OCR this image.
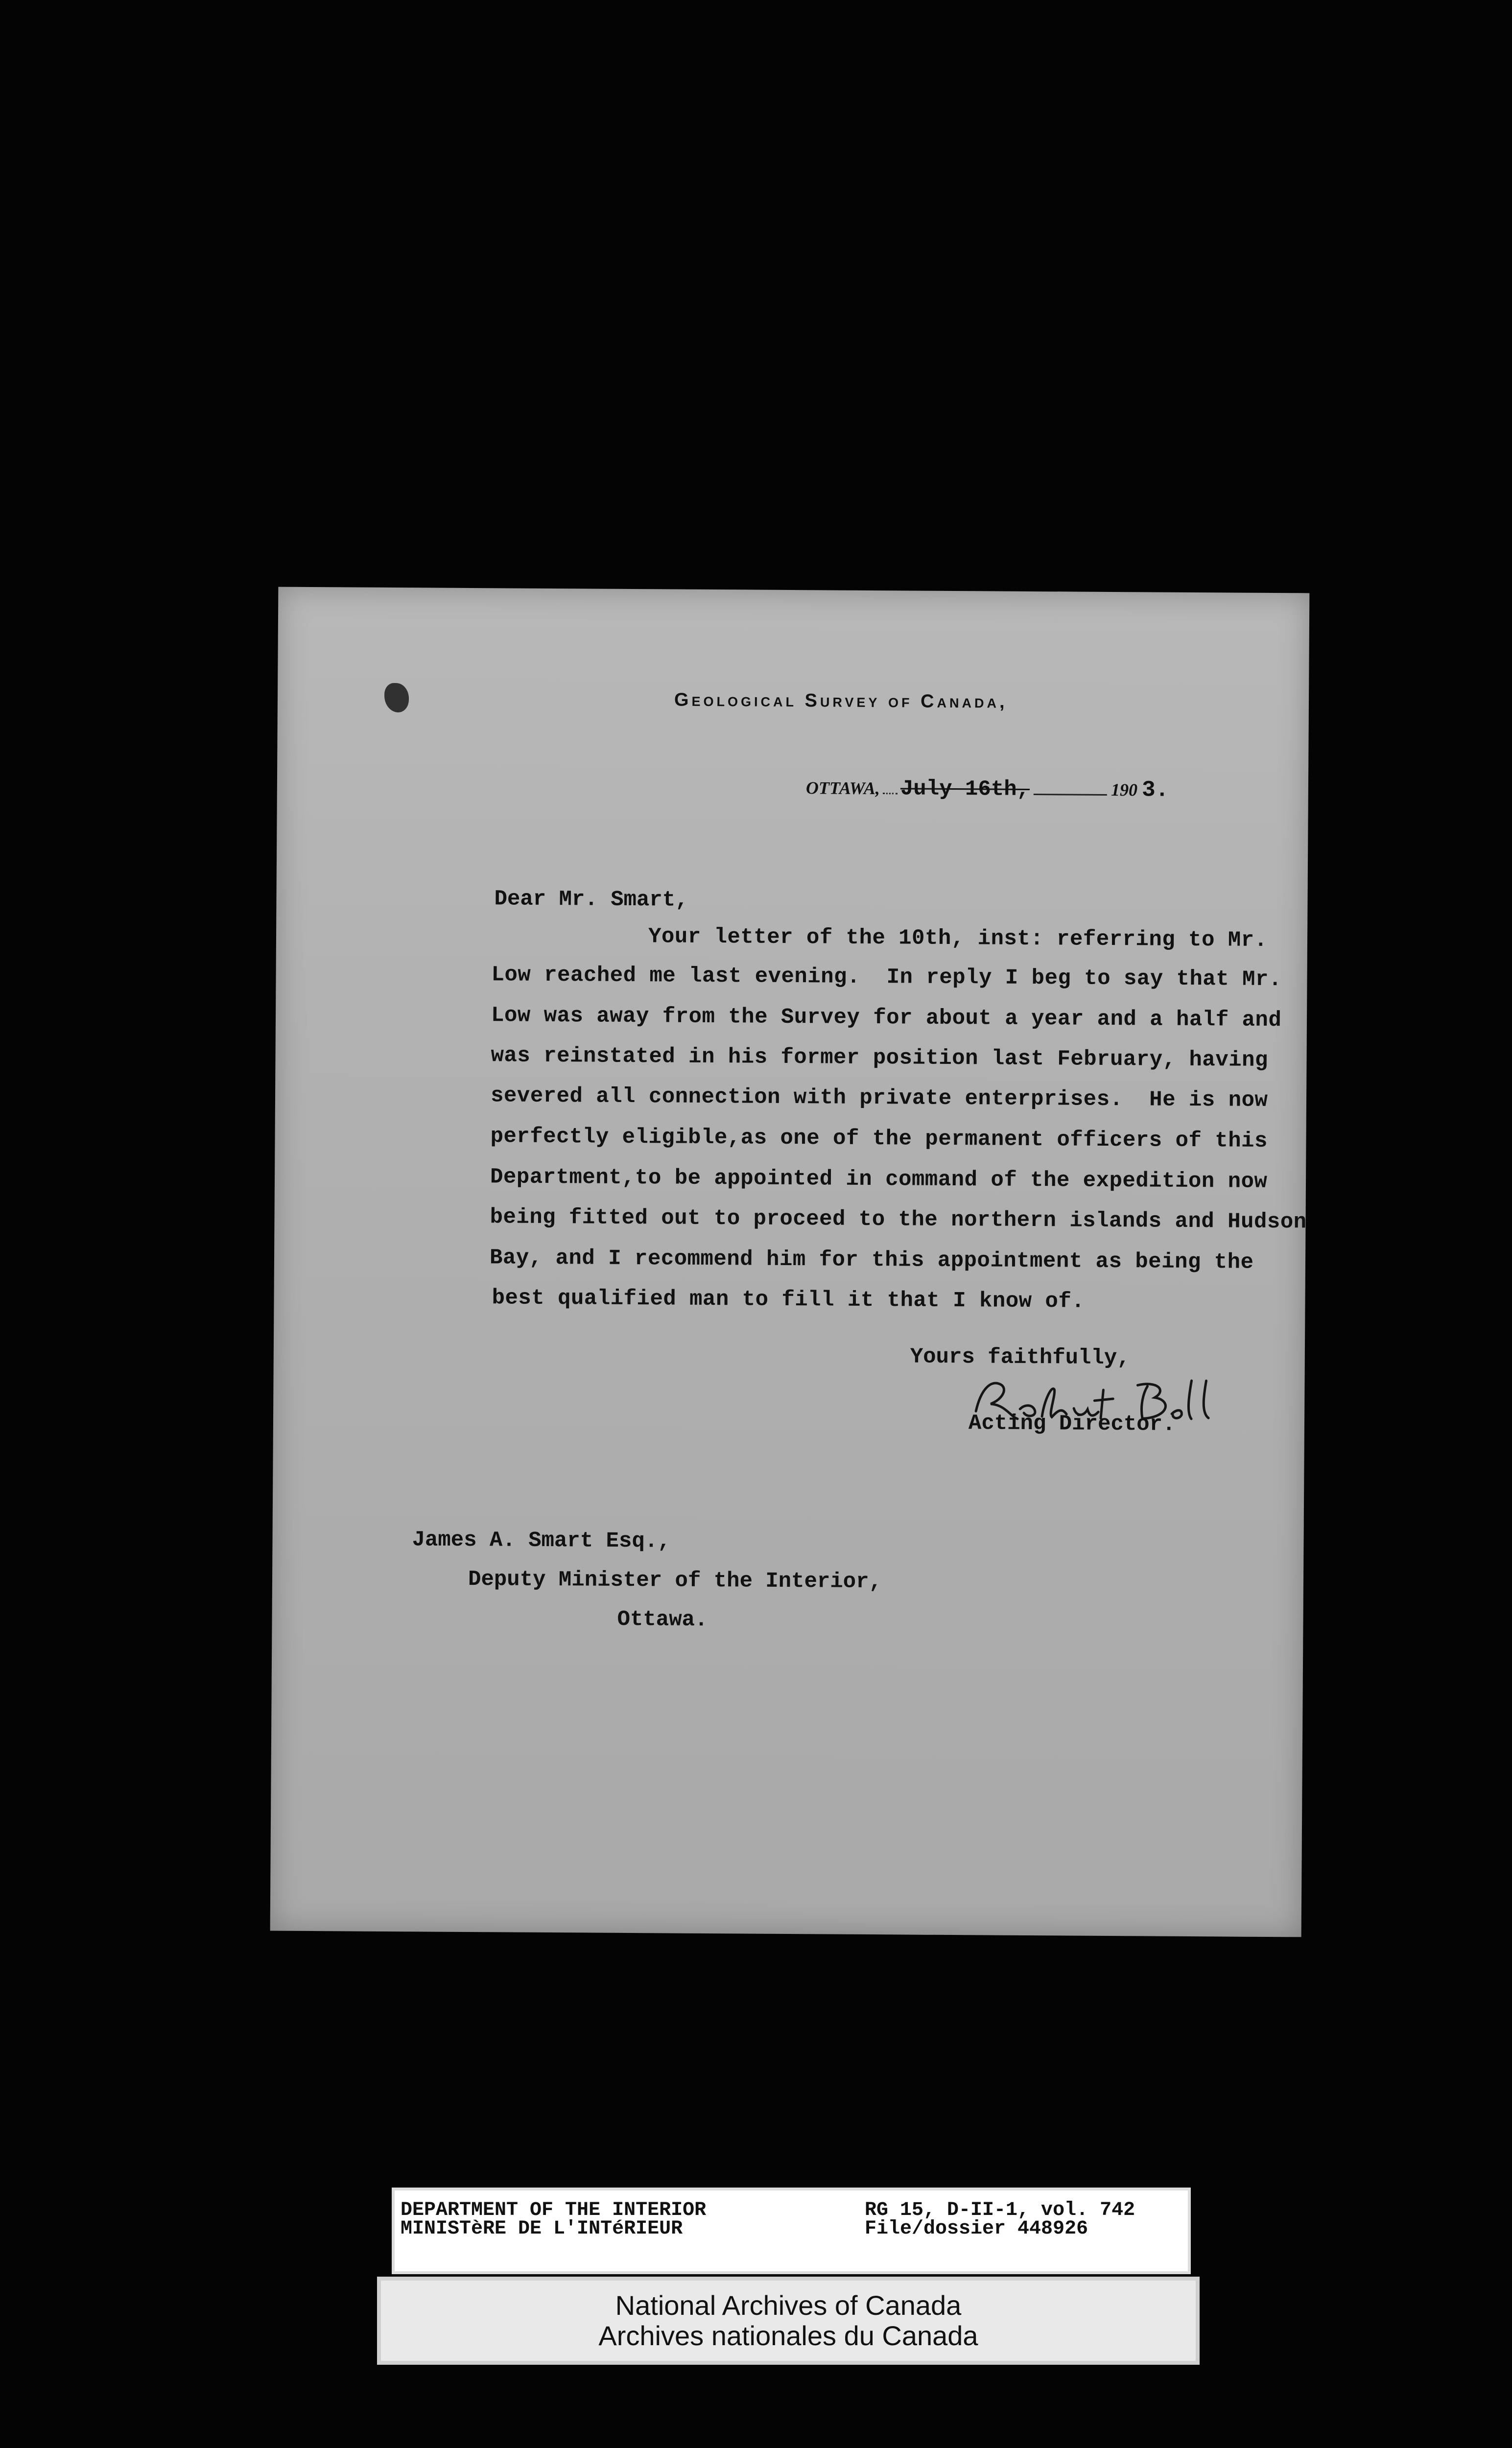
Geological Survey of Canada,
OTTAWA, July 16th,	190 3.
Dear Mr. Smart,
Your letter of the 10th, inst: referring to Mr.
Low reached me last evening.  In reply I beg to say that Mr.
Low was away from the Survey for about a year and a half and
was reinstated in his former position last February, having
severed all connection with private enterprises.  He is now
perfectly eligible,as one of the permanent officers of this
Department,to be appointed in command of the expedition now
being fitted out to proceed to the northern islands and Hudson
Bay, and I recommend him for this appointment as being the
best qualified man to fill it that I know of.
Yours faithfully,
Acting Director.
James A. Smart Esq.,
Deputy Minister of the Interior,
Ottawa.
DEPARTMENT OF THE INTERIOR
MINISTèRE DE L'INTéRIEUR
RG 15, D-II-1, vol. 742
File/dossier 448926
National Archives of Canada
Archives nationales du Canada
